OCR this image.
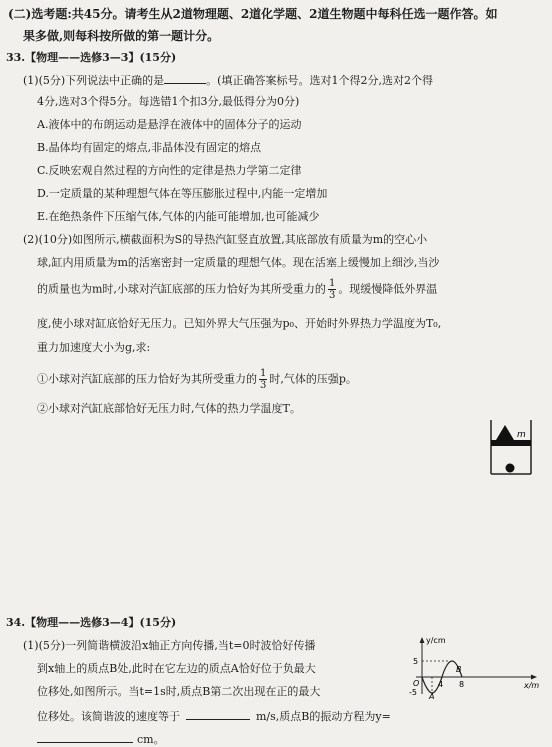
(二)选考题:共45分。请考生从2道物理题、2道化学题、2道生物题中每科任选一题作答。如
果多做,则每科按所做的第一题计分。
33.【物理——选修3—3】(15分)
(1)(5分)下列说法中正确的是	。(填正确答案标号。选对1个得2分,选对2个得
4分,选对3个得5分。每选错1个扣3分,最低得分为0分)
A.液体中的布朗运动是悬浮在液体中的固体分子的运动
B.晶体均有固定的熔点,非晶体没有固定的熔点
C.反映宏观自然过程的方向性的定律是热力学第二定律
D.一定质量的某种理想气体在等压膨胀过程中,内能一定增加
E.在绝热条件下压缩气体,气体的内能可能增加,也可能减少
(2)(10分)如图所示,横截面积为S的导热汽缸竖直放置,其底部放有质量为m的空心小
球,缸内用质量为m的活塞密封一定质量的理想气体。现在活塞上缓慢加上细沙,当沙
的质量也为m时,小球对汽缸底部的压力恰好为其所受重力的 $\frac{1}{3}$ 。现缓慢降低外界温
度,使小球对缸底恰好无压力。已知外界大气压强为p₀、开始时外界热力学温度为T₀,
重力加速度大小为g,求:
①小球对汽缸底部的压力恰好为其所受重力的 $\frac{1}{3}$ 时,气体的压强p。
②小球对汽缸底部恰好无压力时,气体的热力学温度T。
m
34.【物理——选修3—4】(15分)
(1)(5分)一列简谐横波沿x轴正方向传播,当t=0时波恰好传播
到x轴上的质点B处,此时在它左边的质点A恰好位于负最大
位移处,如图所示。当t=1s时,质点B第二次出现在正的最大
位移处。该简谐波的速度等于	m/s,质点B的振动方程为y=
cm。
y/cm
x/m
5
-5
O
A
4 8
B
